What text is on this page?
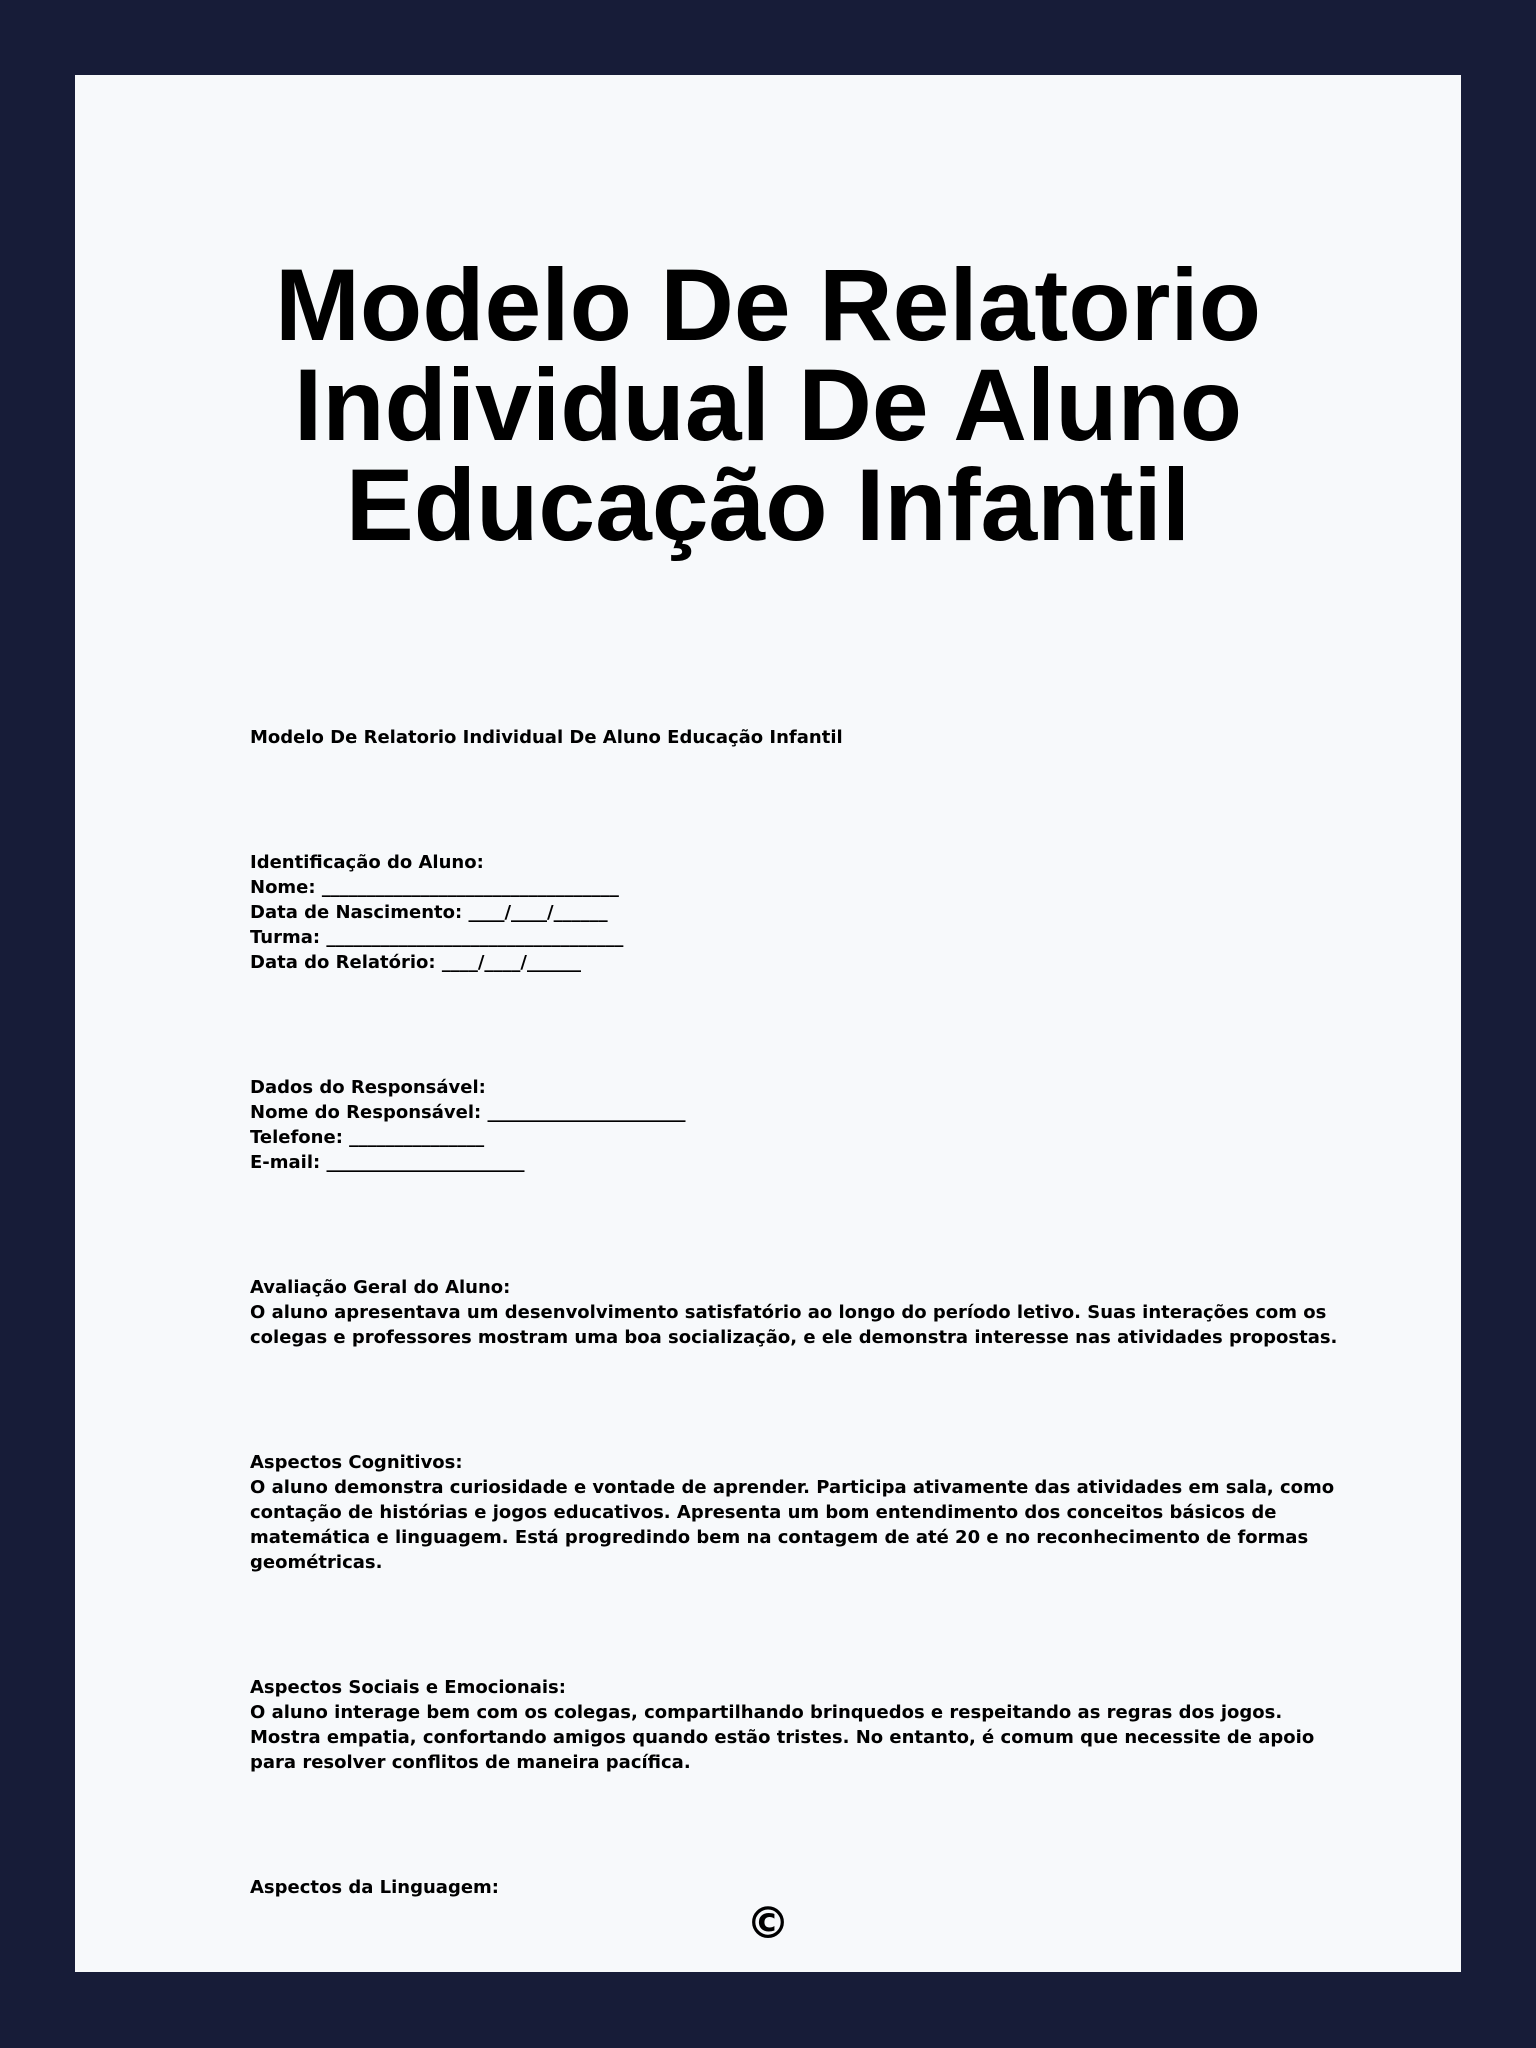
Modelo De Relatorio
Individual De Aluno
Educação Infantil
Modelo De Relatorio Individual De Aluno Educação Infantil
Identificação do Aluno:
Nome: _________________________________
Data de Nascimento: ____/____/______
Turma: _________________________________
Data do Relatório: ____/____/______
Dados do Responsável:
Nome do Responsável: ______________________
Telefone: _______________
E-mail: ______________________
Avaliação Geral do Aluno:
O aluno apresentava um desenvolvimento satisfatório ao longo do período letivo. Suas interações com os colegas e professores mostram uma boa socialização, e ele demonstra interesse nas atividades propostas.
Aspectos Cognitivos:
O aluno demonstra curiosidade e vontade de aprender. Participa ativamente das atividades em sala, como contação de histórias e jogos educativos. Apresenta um bom entendimento dos conceitos básicos de matemática e linguagem. Está progredindo bem na contagem de até 20 e no reconhecimento de formas geométricas.
Aspectos Sociais e Emocionais:
O aluno interage bem com os colegas, compartilhando brinquedos e respeitando as regras dos jogos. Mostra empatia, confortando amigos quando estão tristes. No entanto, é comum que necessite de apoio para resolver conflitos de maneira pacífica.
Aspectos da Linguagem:
©
